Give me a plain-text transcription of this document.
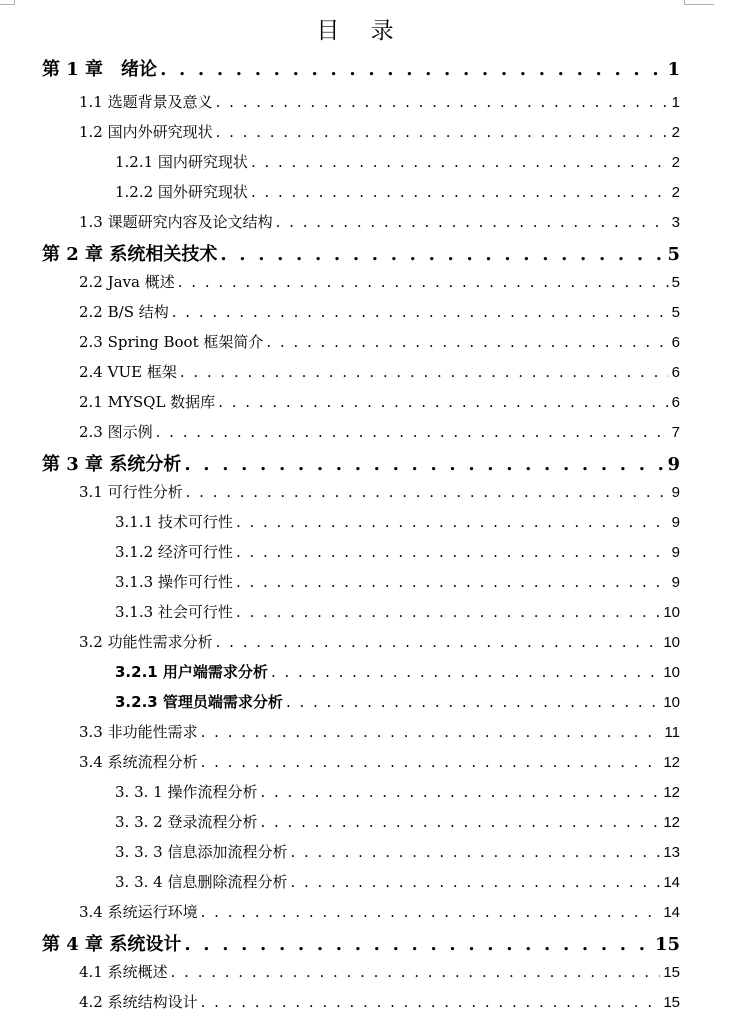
目 录
第 1 章　绪论 . . .	1
1.1 选题背景及意义 . . .	1
1.2 国内外研究现状 . . .	2
1.2.1 国内研究现状 . . .	2
1.2.2 国外研究现状 . . .	2
1.3 课题研究内容及论文结构 . . .	3
第 2 章 系统相关技术 . . .	5
2.2 Java 概述 . . .	5
2.2 B/S 结构 . . .	5
2.3 Spring Boot 框架简介 . . .	6
2.4 VUE 框架 . . .	6
2.1 MYSQL 数据库 . . .	6
2.3 图示例 . . .	7
第 3 章 系统分析 . . .	9
3.1 可行性分析 . . .	9
3.1.1 技术可行性 . . .	9
3.1.2 经济可行性 . . .	9
3.1.3 操作可行性 . . .	9
3.1.3 社会可行性 . . .	10
3.2 功能性需求分析 . . .	10
3.2.1 用户端需求分析 . . .	10
3.2.3 管理员端需求分析 . . .	10
3.3 非功能性需求 . . .	11
3.4 系统流程分析 . . .	12
3. 3. 1 操作流程分析 . . .	12
3. 3. 2 登录流程分析 . . .	12
3. 3. 3 信息添加流程分析 . . .	13
3. 3. 4 信息删除流程分析 . . .	14
3.4 系统运行环境 . . .	14
第 4 章 系统设计 . . .	15
4.1 系统概述 . . .	15
4.2 系统结构设计 . . .	15
